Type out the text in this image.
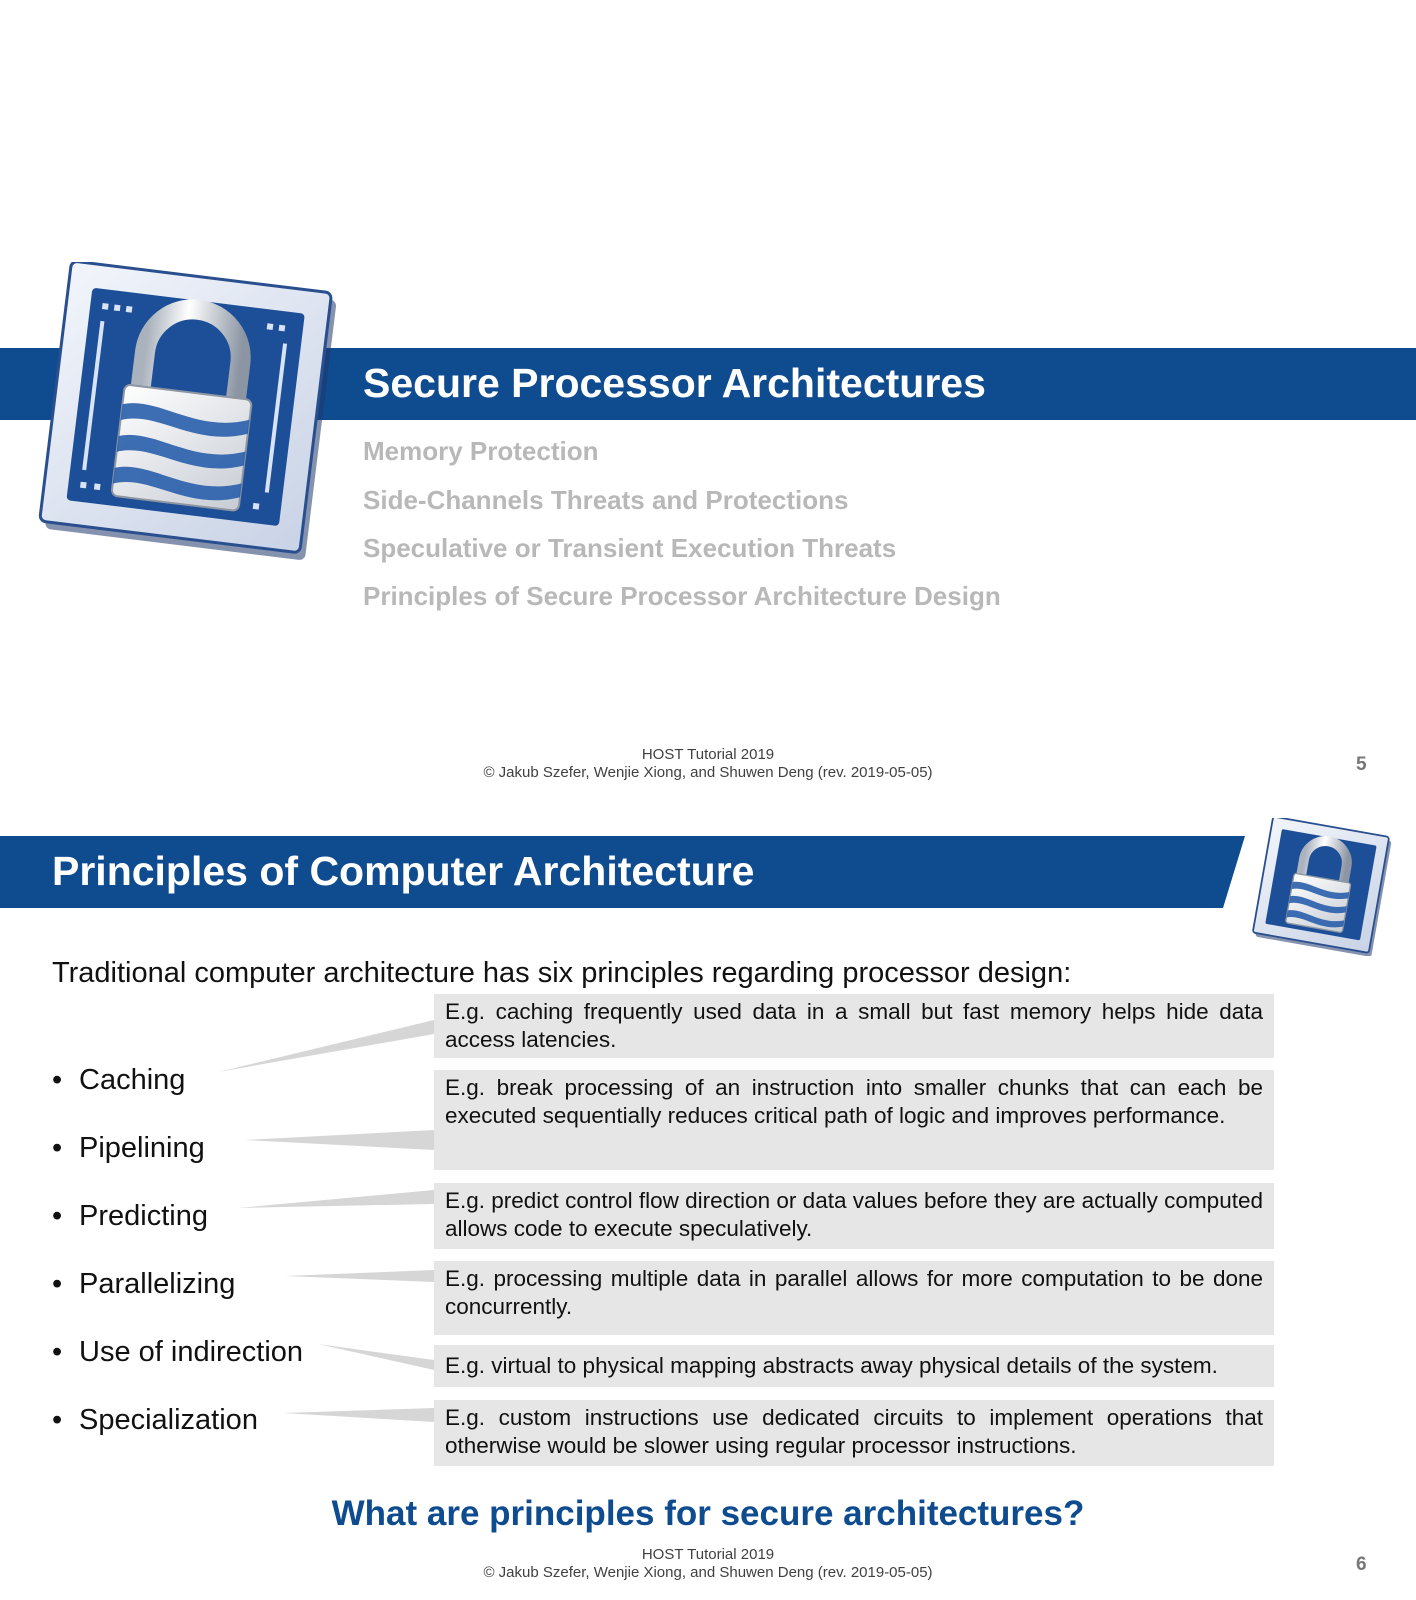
Secure Processor Architectures
Memory Protection
Side-Channels Threats and Protections
Speculative or Transient Execution Threats
Principles of Secure Processor Architecture Design
HOST Tutorial 2019
© Jakub Szefer, Wenjie Xiong, and Shuwen Deng (rev. 2019-05-05)	5
Principles of Computer Architecture
Traditional computer architecture has six principles regarding processor design:
• Caching
• Pipelining
• Predicting
• Parallelizing
• Use of indirection
• Specialization
E.g. caching frequently used data in a small but fast memory helps hide data access latencies.
E.g. break processing of an instruction into smaller chunks that can each be executed sequentially reduces critical path of logic and improves performance.
E.g. predict control flow direction or data values before they are actually computed allows code to execute speculatively.
E.g. processing multiple data in parallel allows for more computation to be done concurrently.
E.g. virtual to physical mapping abstracts away physical details of the system.
E.g. custom instructions use dedicated circuits to implement operations that otherwise would be slower using regular processor instructions.
What are principles for secure architectures?
HOST Tutorial 2019
© Jakub Szefer, Wenjie Xiong, and Shuwen Deng (rev. 2019-05-05)	6
